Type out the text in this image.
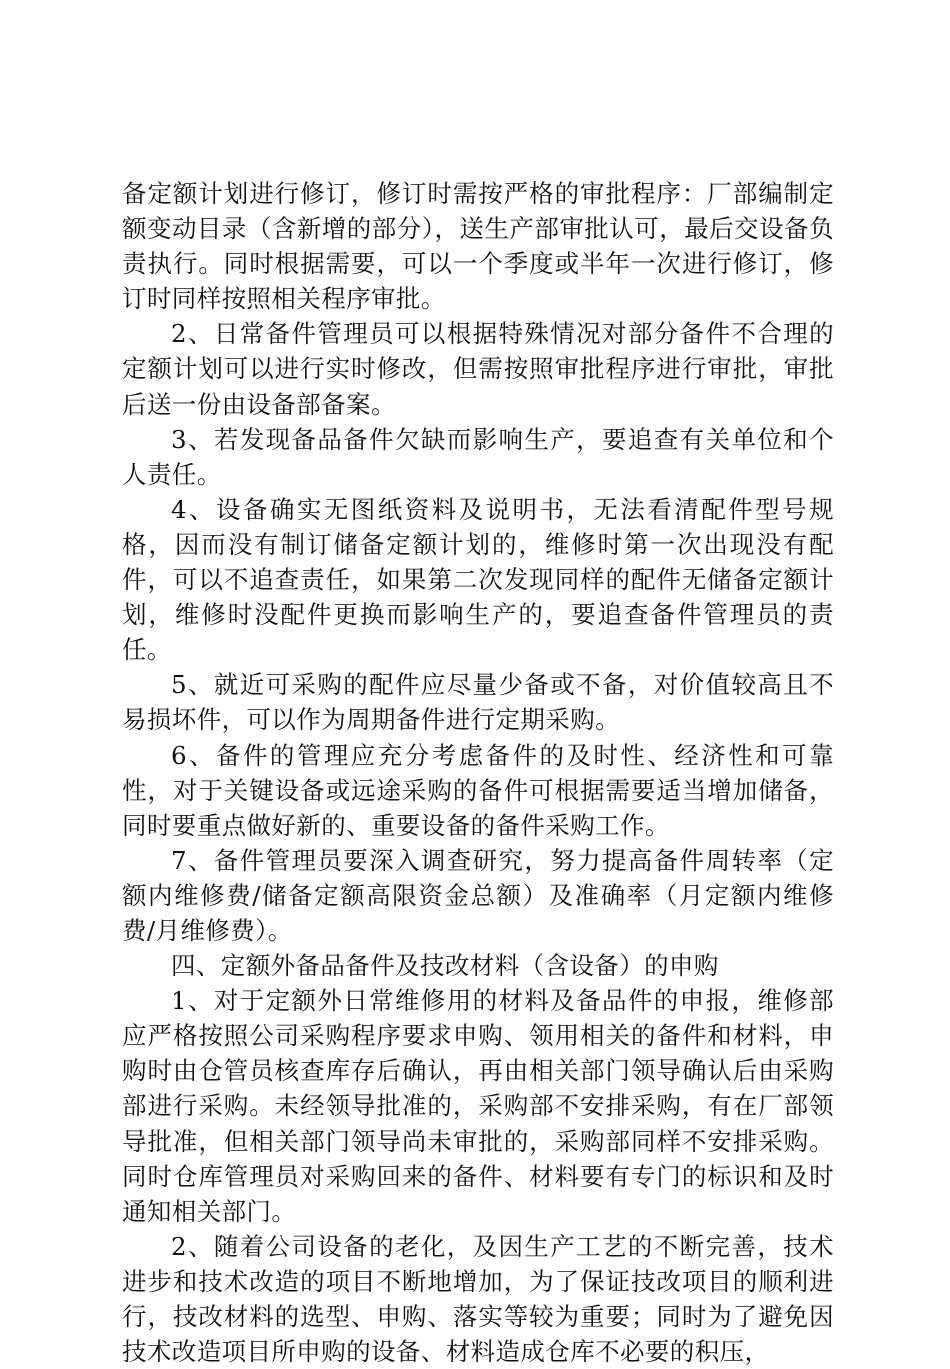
备定额计划进行修订，修订时需按严格的审批程序：厂部编制定额变动目录（含新增的部分），送生产部审批认可，最后交设备负责执行。同时根据需要，可以一个季度或半年一次进行修订，修订时同样按照相关程序审批。

2、日常备件管理员可以根据特殊情况对部分备件不合理的定额计划可以进行实时修改，但需按照审批程序进行审批，审批后送一份由设备部备案。

3、若发现备品备件欠缺而影响生产，要追查有关单位和个人责任。

4、设备确实无图纸资料及说明书，无法看清配件型号规格，因而没有制订储备定额计划的，维修时第一次出现没有配件，可以不追查责任，如果第二次发现同样的配件无储备定额计划，维修时没配件更换而影响生产的，要追查备件管理员的责任。

5、就近可采购的配件应尽量少备或不备，对价值较高且不易损坏件，可以作为周期备件进行定期采购。

6、备件的管理应充分考虑备件的及时性、经济性和可靠性，对于关键设备或远途采购的备件可根据需要适当增加储备，同时要重点做好新的、重要设备的备件采购工作。

7、备件管理员要深入调查研究，努力提高备件周转率（定额内维修费/储备定额高限资金总额）及准确率（月定额内维修费/月维修费）。

四、定额外备品备件及技改材料（含设备）的申购

1、对于定额外日常维修用的材料及备品件的申报，维修部应严格按照公司采购程序要求申购、领用相关的备件和材料，申购时由仓管员核查库存后确认，再由相关部门领导确认后由采购部进行采购。未经领导批准的，采购部不安排采购，有在厂部领导批准，但相关部门领导尚未审批的，采购部同样不安排采购。同时仓库管理员对采购回来的备件、材料要有专门的标识和及时通知相关部门。

2、随着公司设备的老化，及因生产工艺的不断完善，技术进步和技术改造的项目不断地增加，为了保证技改项目的顺利进行，技改材料的选型、申购、落实等较为重要；同时为了避免因技术改造项目所申购的设备、材料造成仓库不必要的积压，
